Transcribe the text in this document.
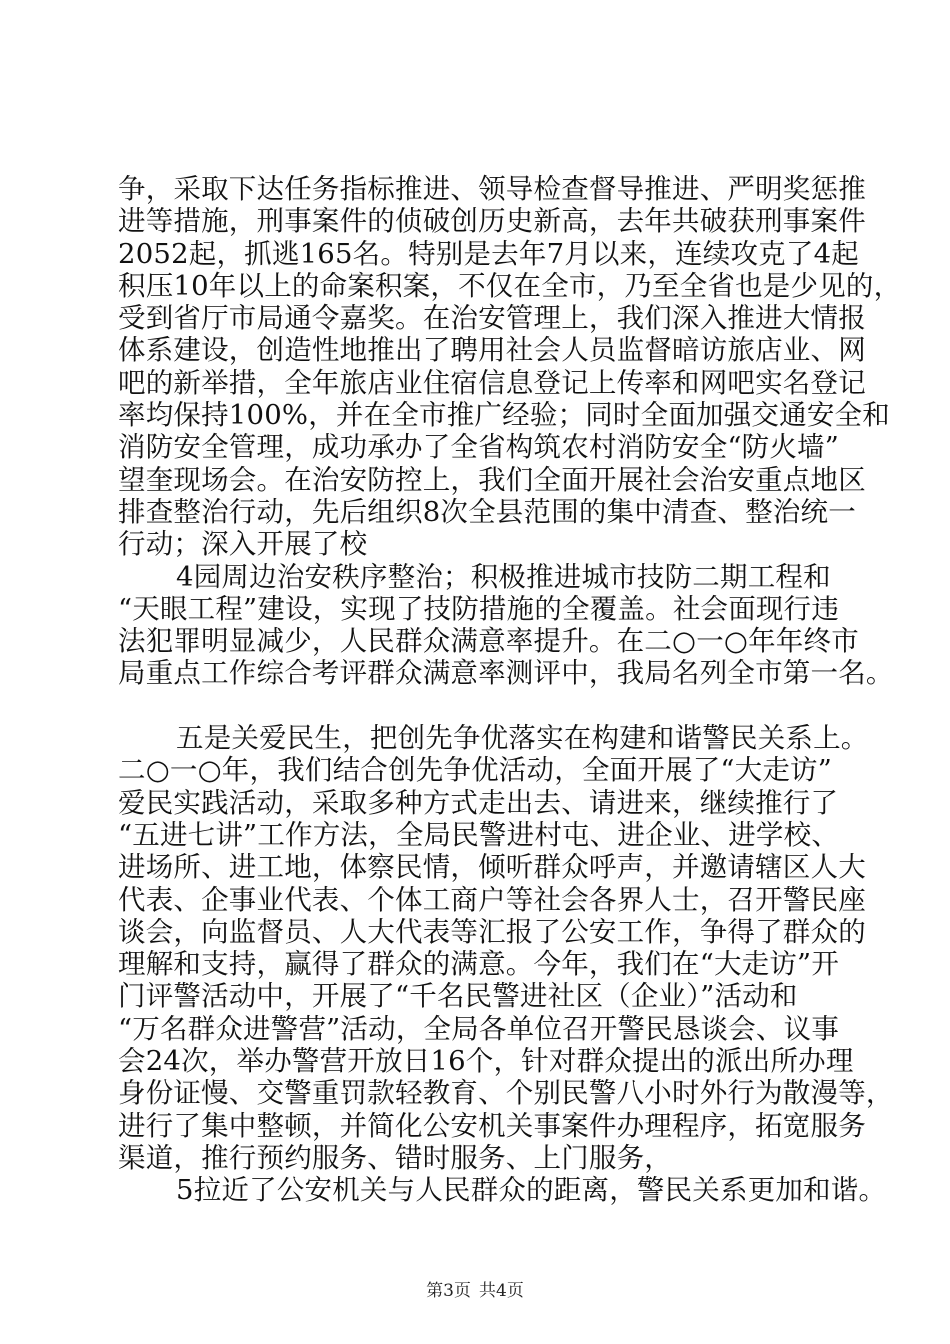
争，采取下达任务指标推进、领导检查督导推进、严明奖惩推
进等措施，刑事案件的侦破创历史新高，去年共破获刑事案件
2052起，抓逃165名。特别是去年7月以来，连续攻克了4起
积压10年以上的命案积案，不仅在全市，乃至全省也是少见的，
受到省厅市局通令嘉奖。在治安管理上，我们深入推进大情报
体系建设，创造性地推出了聘用社会人员监督暗访旅店业、网
吧的新举措，全年旅店业住宿信息登记上传率和网吧实名登记
率均保持100%，并在全市推广经验；同时全面加强交通安全和
消防安全管理，成功承办了全省构筑农村消防安全“防火墙”
望奎现场会。在治安防控上，我们全面开展社会治安重点地区
排查整治行动，先后组织8次全县范围的集中清查、整治统一
行动；深入开展了校
4园周边治安秩序整治；积极推进城市技防二期工程和
“天眼工程”建设，实现了技防措施的全覆盖。社会面现行违
法犯罪明显减少，人民群众满意率提升。在二○一○年年终市
局重点工作综合考评群众满意率测评中，我局名列全市第一名。
五是关爱民生，把创先争优落实在构建和谐警民关系上。
二○一○年，我们结合创先争优活动，全面开展了“大走访”
爱民实践活动，采取多种方式走出去、请进来，继续推行了
“五进七讲”工作方法，全局民警进村屯、进企业、进学校、
进场所、进工地，体察民情，倾听群众呼声，并邀请辖区人大
代表、企事业代表、个体工商户等社会各界人士，召开警民座
谈会，向监督员、人大代表等汇报了公安工作，争得了群众的
理解和支持，赢得了群众的满意。今年，我们在“大走访”开
门评警活动中，开展了“千名民警进社区（企业）”活动和
“万名群众进警营”活动，全局各单位召开警民恳谈会、议事
会24次，举办警营开放日16个，针对群众提出的派出所办理
身份证慢、交警重罚款轻教育、个别民警八小时外行为散漫等，
进行了集中整顿，并简化公安机关事案件办理程序，拓宽服务
渠道，推行预约服务、错时服务、上门服务，
5拉近了公安机关与人民群众的距离，警民关系更加和谐。
第3页 共4页
